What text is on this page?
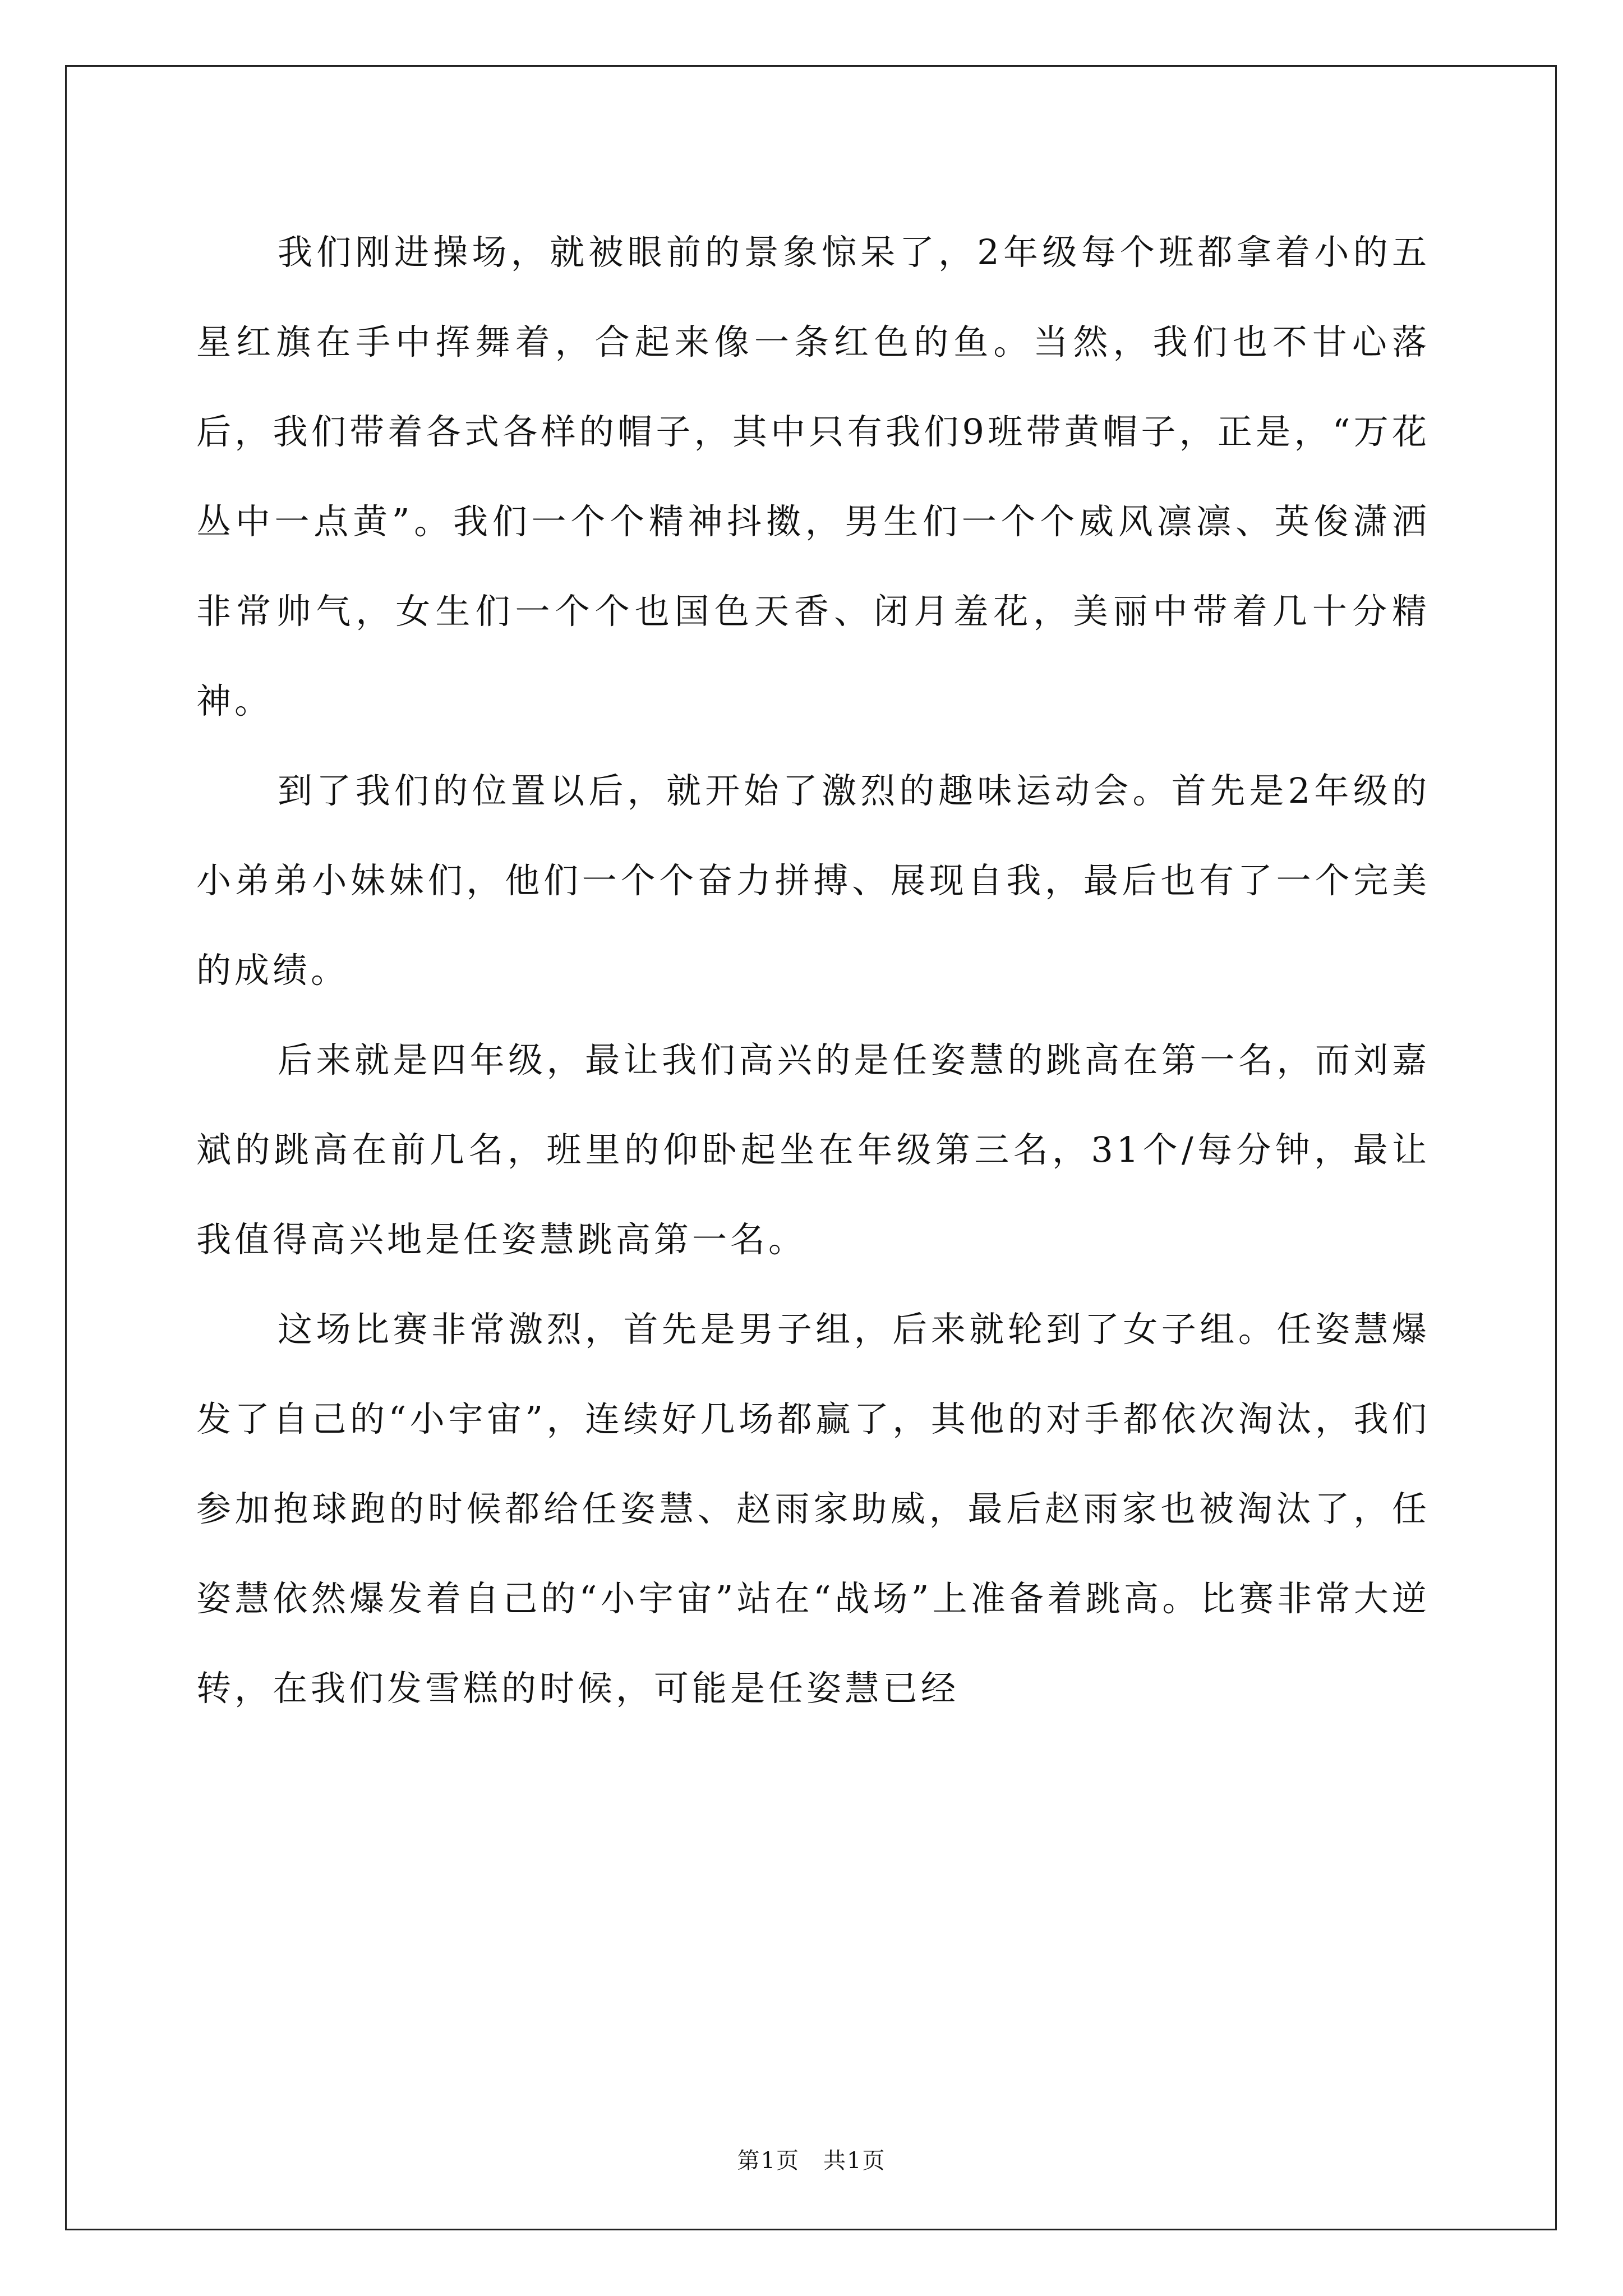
我们刚进操场，就被眼前的景象惊呆了，2年级每个班都拿着小的五星红旗在手中挥舞着，合起来像一条红色的鱼。当然，我们也不甘心落后，我们带着各式各样的帽子，其中只有我们9班带黄帽子，正是，“万花丛中一点黄”。我们一个个精神抖擞，男生们一个个威风凛凛、英俊潇洒非常帅气，女生们一个个也国色天香、闭月羞花，美丽中带着几十分精神。

到了我们的位置以后，就开始了激烈的趣味运动会。首先是2年级的小弟弟小妹妹们，他们一个个奋力拼搏、展现自我，最后也有了一个完美的成绩。

后来就是四年级，最让我们高兴的是任姿慧的跳高在第一名，而刘嘉斌的跳高在前几名，班里的仰卧起坐在年级第三名，31个/每分钟，最让我值得高兴地是任姿慧跳高第一名。

这场比赛非常激烈，首先是男子组，后来就轮到了女子组。任姿慧爆发了自己的“小宇宙”，连续好几场都赢了，其他的对手都依次淘汰，我们参加抱球跑的时候都给任姿慧、赵雨家助威，最后赵雨家也被淘汰了，任姿慧依然爆发着自己的“小宇宙”站在“战场”上准备着跳高。比赛非常大逆转，在我们发雪糕的时候，可能是任姿慧已经

第1页　共1页
